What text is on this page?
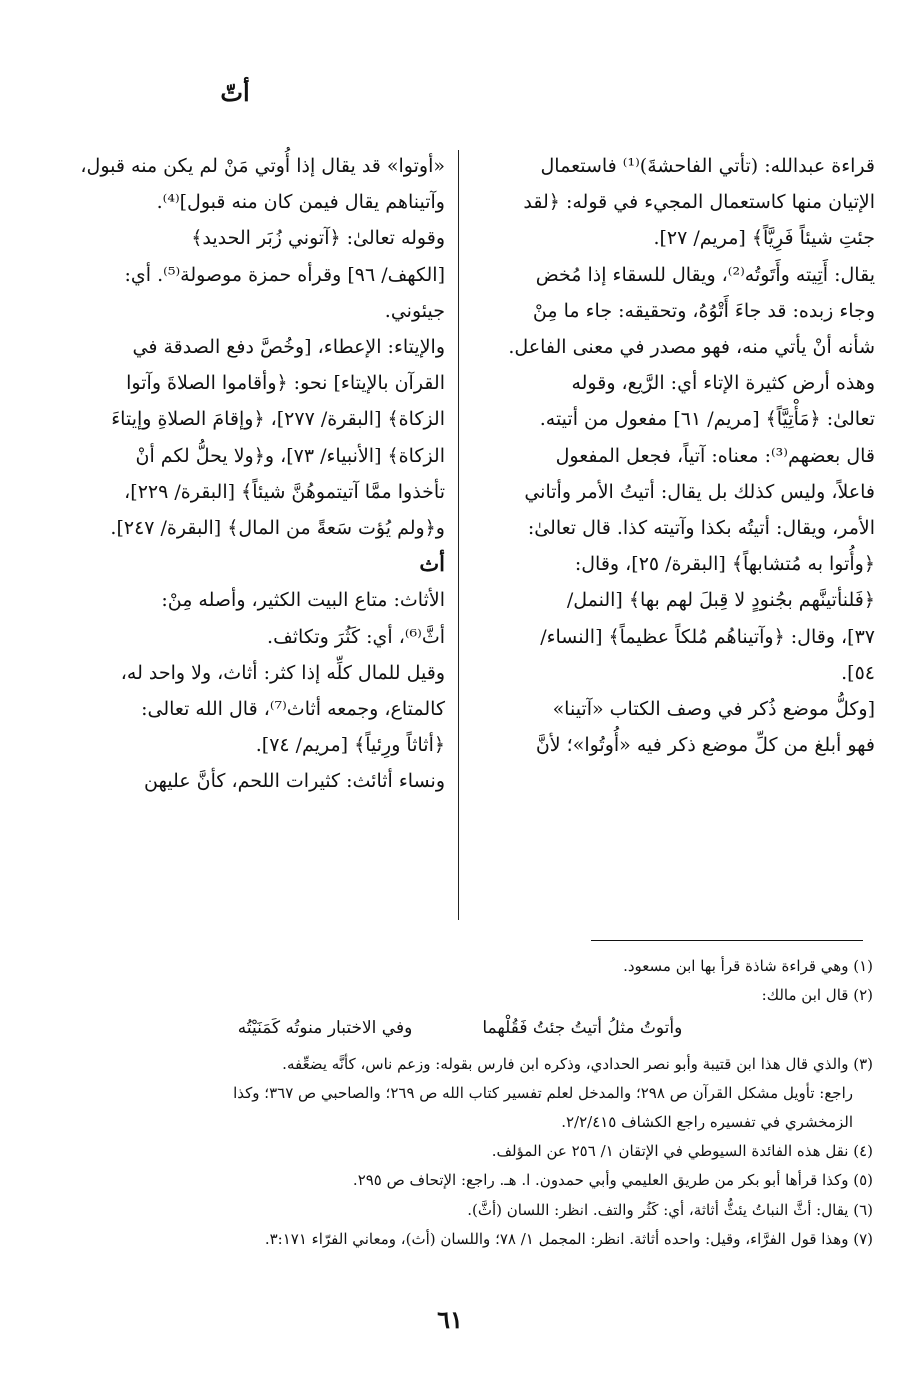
أتّ

قراءة عبدالله: (تأتي الفاحشةَ)⁽¹⁾ فاستعمال

الإتيان منها كاستعمال المجيء في قوله: ﴿لقد

جئتِ شيئاً فَرِيَّاً﴾ [مريم/ ٢٧].

يقال: أَتِيته وأَتَوتُه⁽²⁾، ويقال للسقاء إذا مُخض

وجاء زبده: قد جاءَ أَتْوُهُ، وتحقيقه: جاء ما مِنْ

شأنه أنْ يأتي منه، فهو مصدر في معنى الفاعل.

وهذه أرض كثيرة الإتاء أي: الرَّيع، وقوله

تعالىٰ: ﴿مَأْتِيَّاً﴾ [مريم/ ٦١] مفعول من أتيته.

قال بعضهم⁽³⁾: معناه: آتياً، فجعل المفعول

فاعلاً، وليس كذلك بل يقال: أتيتُ الأمر وأتاني

الأمر، ويقال: أتيتُه بكذا وآتيته كذا. قال تعالىٰ:

﴿وأُتوا به مُتشابهاً﴾ [البقرة/ ٢٥]، وقال:

﴿فَلنأتينَّهم بجُنودٍ لا قِبلَ لهم بها﴾ [النمل/

٣٧]، وقال: ﴿وآتيناهُم مُلكاً عظيماً﴾ [النساء/

٥٤].

[وكلُّ موضع ذُكر في وصف الكتاب «آتينا»

فهو أبلغ من كلِّ موضع ذكر فيه «أُوتُوا»؛ لأنَّ

«أوتوا» قد يقال إذا أُوتي مَنْ لم يكن منه قبول،

وآتيناهم يقال فيمن كان منه قبول]⁽⁴⁾.

وقوله تعالىٰ: ﴿آتوني زُبَر الحديد﴾

[الكهف/ ٩٦] وقرأه حمزة موصولة⁽⁵⁾. أي:

جيئوني.

والإيتاء: الإعطاء، [وخُصَّ دفع الصدقة في

القرآن بالإيتاء] نحو: ﴿وأقاموا الصلاةَ وآتوا

الزكاة﴾ [البقرة/ ٢٧٧]، ﴿وإقامَ الصلاةِ وإيتاءَ

الزكاة﴾ [الأنبياء/ ٧٣]، و﴿ولا يحلُّ لكم أنْ

تأخذوا ممَّا آتيتموهُنَّ شيئاً﴾ [البقرة/ ٢٢٩]،

و﴿ولم يُؤت سَعةً من المال﴾ [البقرة/ ٢٤٧].

أث

الأثاث: متاع البيت الكثير، وأصله مِنْ:

أثَّ⁽⁶⁾، أي: كَثُرَ وتكاثف.

وقيل للمال كلِّه إذا كثر: أثاث، ولا واحد له،

كالمتاع، وجمعه أثاث⁽⁷⁾، قال الله تعالى:

﴿أثاثاً ورِئياً﴾ [مريم/ ٧٤].

ونساء أثائث: كثيرات اللحم، كأنَّ عليهن

(١) وهي قراءة شاذة قرأ بها ابن مسعود.

(٢) قال ابن مالك:

وأتوتُ مثلُ أتيتُ جئتُ فَقُلْهما
وفي الاختبار منوتُه كَمَنَيْتُه

(٣) والذي قال هذا ابن قتيبة وأبو نصر الحدادي، وذكره ابن فارس بقوله: وزعم ناس، كأنَّه يضعِّفه.

راجع: تأويل مشكل القرآن ص ٢٩٨؛ والمدخل لعلم تفسير كتاب الله ص ٢٦٩؛ والصاحبي ص ٣٦٧؛ وكذا

الزمخشري في تفسيره راجع الكشاف ٢/٢/٤١٥.

(٤) نقل هذه الفائدة السيوطي في الإتقان ١/ ٢٥٦ عن المؤلف.

(٥) وكذا قرأها أبو بكر من طريق العليمي وأبي حمدون. ا. هـ. راجع: الإتحاف ص ٢٩٥.

(٦) يقال: أثَّ النباتُ يئثُّ أثاثة، أي: كَثُر والتف. انظر: اللسان (أثَّ).

(٧) وهذا قول الفرَّاء، وقيل: واحده أثاثة. انظر: المجمل ١/ ٧٨؛ واللسان (أث)، ومعاني الفرّاء ٣:١٧١.

٦١
